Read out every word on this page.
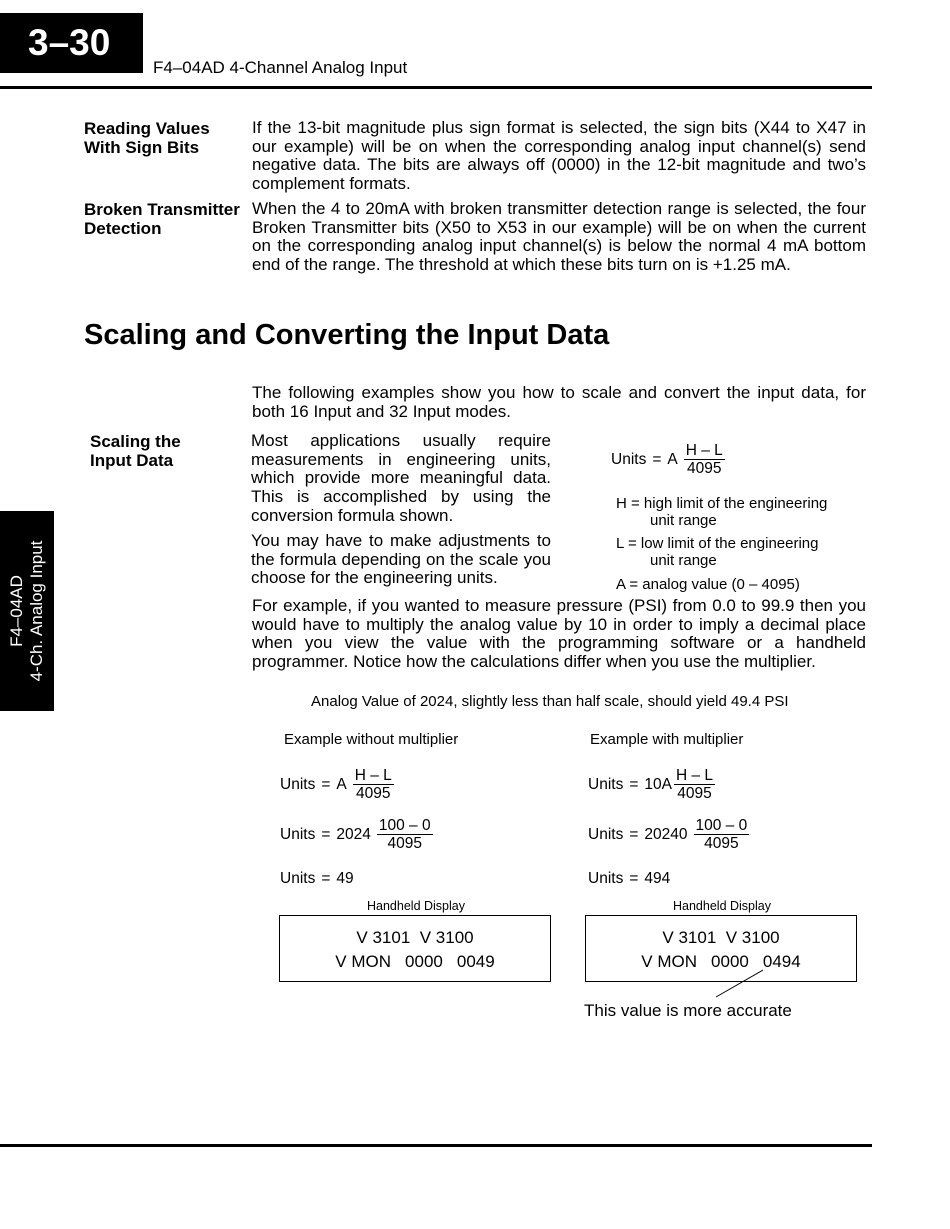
3–30
F4–04AD 4-Channel Analog Input
F4–04AD 4-Ch. Analog Input
Reading Values
With Sign Bits
If the 13-bit magnitude plus sign format is selected, the sign bits (X44 to X47 in our example) will be on when the corresponding analog input channel(s) send negative data. The bits are always off (0000) in the 12-bit magnitude and two’s complement formats.
Broken Transmitter
Detection
When the 4 to 20mA with broken transmitter detection range is selected, the four Broken Transmitter bits (X50 to X53 in our example) will be on when the current on the corresponding analog input channel(s) is below the normal 4 mA bottom end of the range. The threshold at which these bits turn on is +1.25 mA.
Scaling and Converting the Input Data
The following examples show you how to scale and convert the input data, for both 16 Input and 32 Input modes.
Scaling the
Input Data
Most applications usually require measurements in engineering units, which provide more meaningful data. This is accomplished by using the conversion formula shown.
You may have to make adjustments to the formula depending on the scale you choose for the engineering units.
Units = A $\frac{H - L}{4095}$
H = high limit of the engineering
unit range
L = low limit of the engineering
unit range
A = analog value (0 – 4095)
For example, if you wanted to measure pressure (PSI) from 0.0 to 99.9 then you would have to multiply the analog value by 10 in order to imply a decimal place when you view the value with the programming software or a handheld programmer. Notice how the calculations differ when you use the multiplier.
Analog Value of 2024, slightly less than half scale, should yield 49.4 PSI
Example without multiplier
Units = A $\frac{H - L}{4095}$
Units = $2024 \frac{100 - 0}{4095}$
Units = 49
Handheld Display
V 3101  V 3100
V MON 0000 0049
Example with multiplier
Units = $10A \frac{H - L}{4095}$
Units = $20240 \frac{100 - 0}{4095}$
Units = 494
Handheld Display
V 3101  V 3100
V MON 0000 0494
This value is more accurate
